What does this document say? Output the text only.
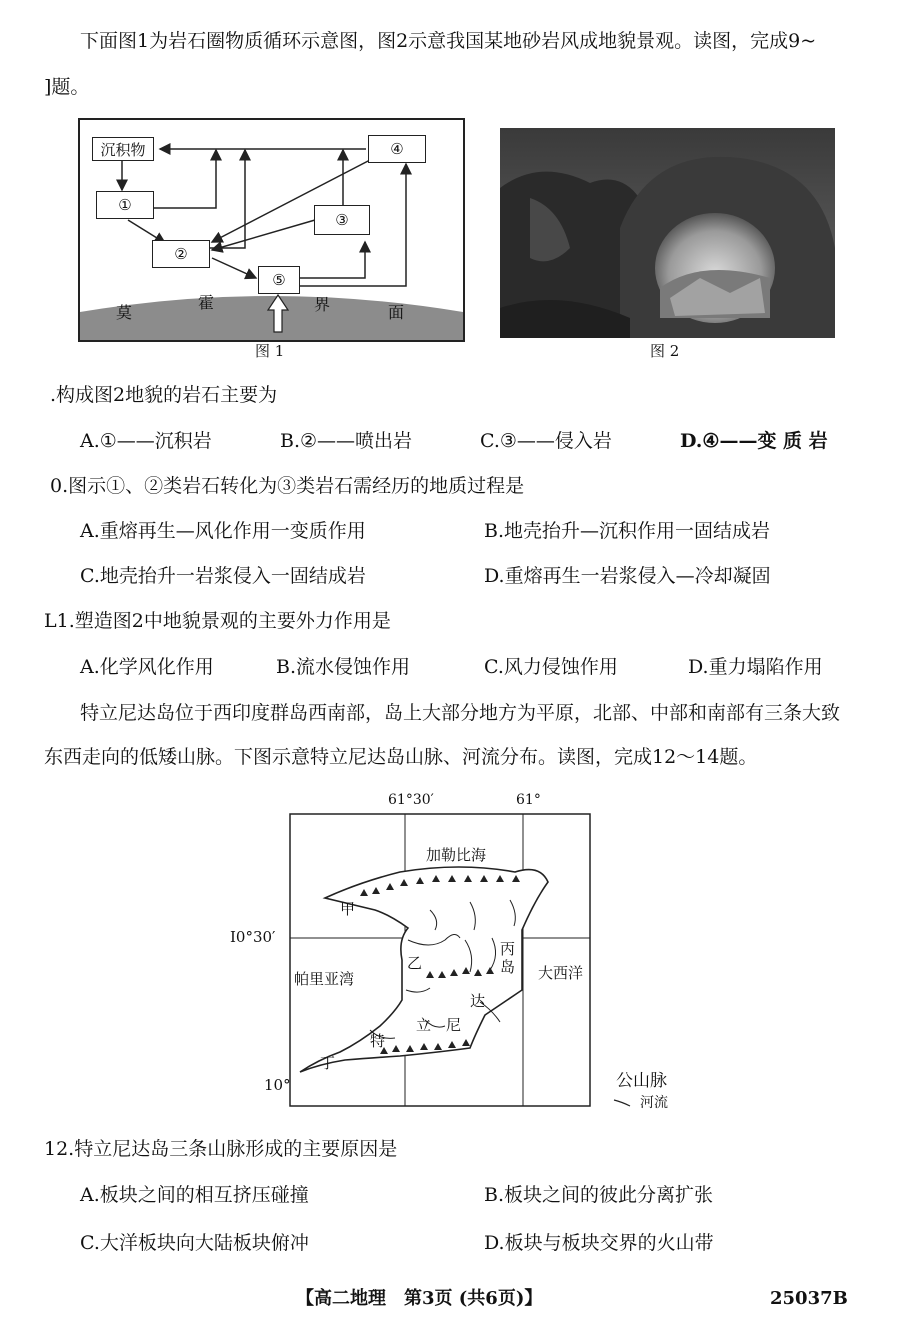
下面图1为岩石圈物质循环示意图，图2示意我国某地砂岩风成地貌景观。读图，完成9~
]题。
沉积物
①
②
③
④
⑤
莫
霍	界	面
图 1	图 2
.构成图2地貌的岩石主要为
A.①——沉积岩	B.②——喷出岩	C.③——侵入岩	D.④——变 质 岩
0.图示①、②类岩石转化为③类岩石需经历的地质过程是
A.重熔再生—风化作用一变质作用	B.地壳抬升—沉积作用一固结成岩
C.地壳抬升一岩浆侵入一固结成岩	D.重熔再生一岩浆侵入—冷却凝固
L1.塑造图2中地貌景观的主要外力作用是
A.化学风化作用	B.流水侵蚀作用	C.风力侵蚀作用	D.重力塌陷作用
特立尼达岛位于西印度群岛西南部，岛上大部分地方为平原，北部、中部和南部有三条大致
东西走向的低矮山脉。下图示意特立尼达岛山脉、河流分布。读图，完成12～14题。
61°30′	61°
加勒比海
I0°30′
甲
乙
丙
岛 大西洋
帕里亚湾
达
立 尼
特
丁
10°	公山脉
河流
12.特立尼达岛三条山脉形成的主要原因是
A.板块之间的相互挤压碰撞	B.板块之间的彼此分离扩张
C.大洋板块向大陆板块俯冲	D.板块与板块交界的火山带
【高二地理　第3页 (共6页)】	25037B
